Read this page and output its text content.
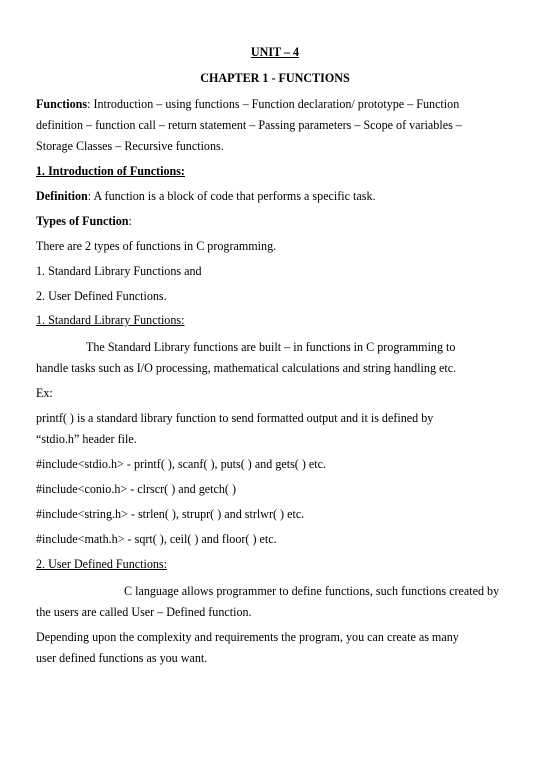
UNIT – 4

CHAPTER 1 - FUNCTIONS

Functions: Introduction – using functions – Function declaration/ prototype – Function

definition – function call – return statement – Passing parameters – Scope of variables –

Storage Classes – Recursive functions.

1. Introduction of Functions:

Definition: A function is a block of code that performs a specific task.

Types of Function:

There are 2 types of functions in C programming.

1. Standard Library Functions and

2. User Defined Functions.

1. Standard Library Functions:

The Standard Library functions are built – in functions in C programming to

handle tasks such as I/O processing, mathematical calculations and string handling etc.

Ex:

printf( ) is a standard library function to send formatted output and it is defined by

“stdio.h” header file.

#include<stdio.h> - printf( ), scanf( ), puts( ) and gets( ) etc.

#include<conio.h> - clrscr( ) and getch( )

#include<string.h> - strlen( ), strupr( ) and strlwr( ) etc.

#include<math.h> - sqrt( ), ceil( ) and floor( ) etc.

2. User Defined Functions:

C language allows programmer to define functions, such functions created by

the users are called User – Defined function.

Depending upon the complexity and requirements the program, you can create as many

user defined functions as you want.
